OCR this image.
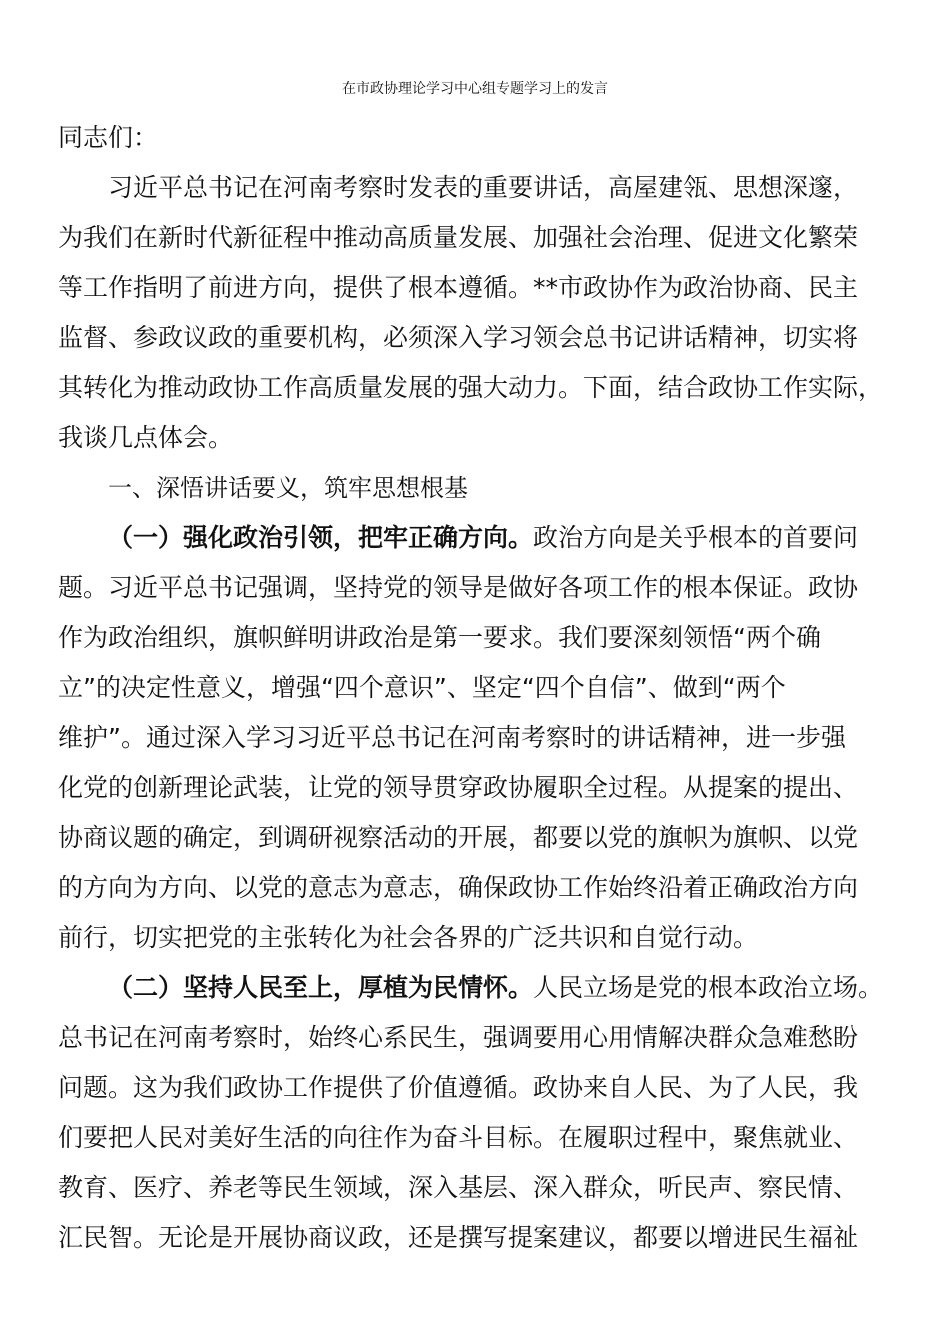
在市政协理论学习中心组专题学习上的发言
同志们：
习近平总书记在河南考察时发表的重要讲话，高屋建瓴、思想深邃，
为我们在新时代新征程中推动高质量发展、加强社会治理、促进文化繁荣
等工作指明了前进方向，提供了根本遵循。**市政协作为政治协商、民主
监督、参政议政的重要机构，必须深入学习领会总书记讲话精神，切实将
其转化为推动政协工作高质量发展的强大动力。下面，结合政协工作实际，
我谈几点体会。
一、深悟讲话要义，筑牢思想根基
（一）强化政治引领，把牢正确方向。政治方向是关乎根本的首要问
题。习近平总书记强调，坚持党的领导是做好各项工作的根本保证。政协
作为政治组织，旗帜鲜明讲政治是第一要求。我们要深刻领悟“两个确
立”的决定性意义，增强“四个意识”、坚定“四个自信”、做到“两个
维护”。通过深入学习习近平总书记在河南考察时的讲话精神，进一步强
化党的创新理论武装，让党的领导贯穿政协履职全过程。从提案的提出、
协商议题的确定，到调研视察活动的开展，都要以党的旗帜为旗帜、以党
的方向为方向、以党的意志为意志，确保政协工作始终沿着正确政治方向
前行，切实把党的主张转化为社会各界的广泛共识和自觉行动。
（二）坚持人民至上，厚植为民情怀。人民立场是党的根本政治立场。
总书记在河南考察时，始终心系民生，强调要用心用情解决群众急难愁盼
问题。这为我们政协工作提供了价值遵循。政协来自人民、为了人民，我
们要把人民对美好生活的向往作为奋斗目标。在履职过程中，聚焦就业、
教育、医疗、养老等民生领域，深入基层、深入群众，听民声、察民情、
汇民智。无论是开展协商议政，还是撰写提案建议，都要以增进民生福祉
